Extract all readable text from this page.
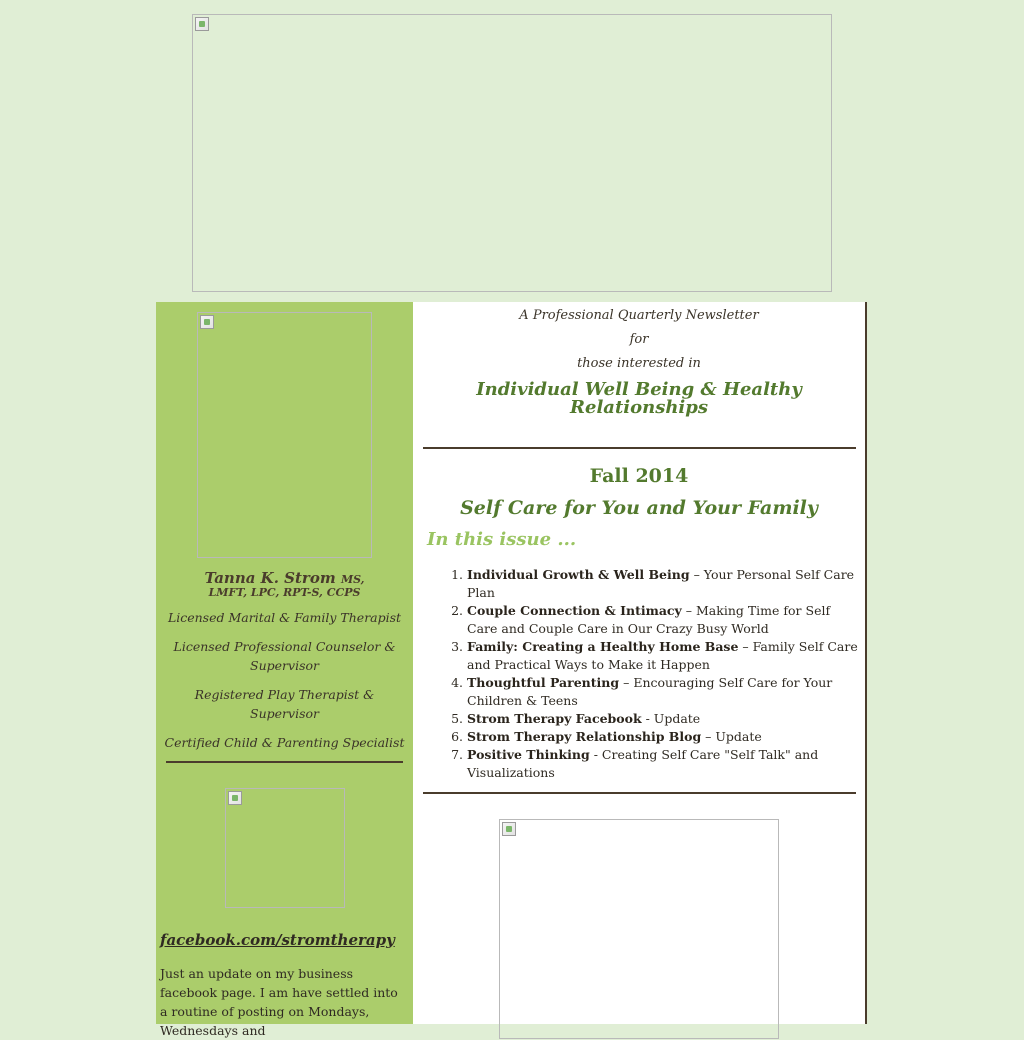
Tanna K. Strom MS,
LMFT, LPC, RPT-S, CCPS
Licensed Marital & Family Therapist
Licensed Professional Counselor & Supervisor
Registered Play Therapist & Supervisor
Certified Child & Parenting Specialist
facebook.com/stromtherapy
Just an update on my business facebook page. I am have settled into a routine of posting on Mondays, Wednesdays and
A Professional Quarterly Newsletter
for
those interested in
Individual Well Being & Healthy Relationships
Fall 2014
Self Care for You and Your Family
In this issue ...
1. Individual Growth & Well Being – Your Personal Self Care Plan
2. Couple Connection & Intimacy – Making Time for Self Care and Couple Care in Our Crazy Busy World
3. Family: Creating a Healthy Home Base – Family Self Care and Practical Ways to Make it Happen
4. Thoughtful Parenting – Encouraging Self Care for Your Children & Teens
5. Strom Therapy Facebook - Update
6. Strom Therapy Relationship Blog – Update
7. Positive Thinking - Creating Self Care "Self Talk" and Visualizations
